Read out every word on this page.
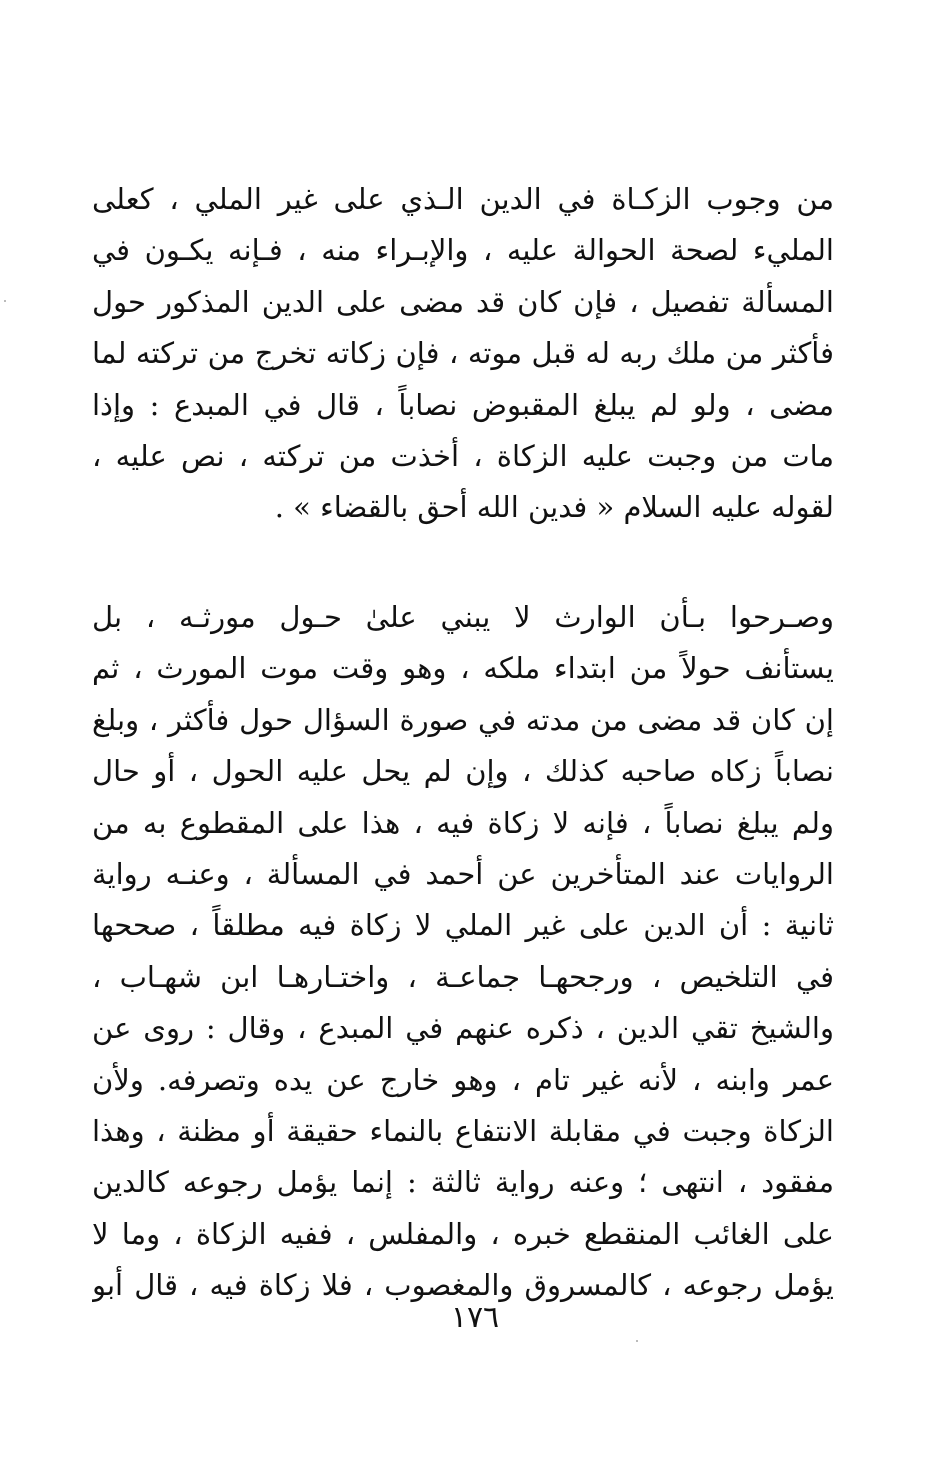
من وجوب الزكـاة في الدين الـذي على غير الملي ، كعلى
المليء لصحة الحوالة عليه ، والإبـراء منه ، فـإنه يكـون في
المسألة تفصيل ، فإن كان قد مضى على الدين المذكور حول
فأكثر من ملك ربه له قبل موته ، فإن زكاته تخرج من تركته لما
مضى ، ولو لم يبلغ المقبوض نصاباً ، قال في المبدع : وإذا
مات من وجبت عليه الزكاة ، أخذت من تركته ، نص عليه ،
لقوله عليه السلام « فدين الله أحق بالقضاء » .
وصـرحوا بـأن الوارث لا يبني علىٰ حـول مورثـه ، بل
يستأنف حولاً من ابتداء ملكه ، وهو وقت موت المورث ، ثم
إن كان قد مضى من مدته في صورة السؤال حول فأكثر ، وبلغ
نصاباً زكاه صاحبه كذلك ، وإن لم يحل عليه الحول ، أو حال
ولم يبلغ نصاباً ، فإنه لا زكاة فيه ، هذا على المقطوع به من
الروايات عند المتأخرين عن أحمد في المسألة ، وعنـه رواية
ثانية : أن الدين على غير الملي لا زكاة فيه مطلقاً ، صححها
في التلخيص ، ورجحهـا جماعـة ، واختـارهـا ابن شهـاب ،
والشيخ تقي الدين ، ذكره عنهم في المبدع ، وقال : روى عن
عمر وابنه ، لأنه غير تام ، وهو خارج عن يده وتصرفه. ولأن
الزكاة وجبت في مقابلة الانتفاع بالنماء حقيقة أو مظنة ، وهذا
مفقود ، انتهى ؛ وعنه رواية ثالثة : إنما يؤمل رجوعه كالدين
على الغائب المنقطع خبره ، والمفلس ، ففيه الزكاة ، وما لا
يؤمل رجوعه ، كالمسروق والمغصوب ، فلا زكاة فيه ، قال أبو
١٧٦
